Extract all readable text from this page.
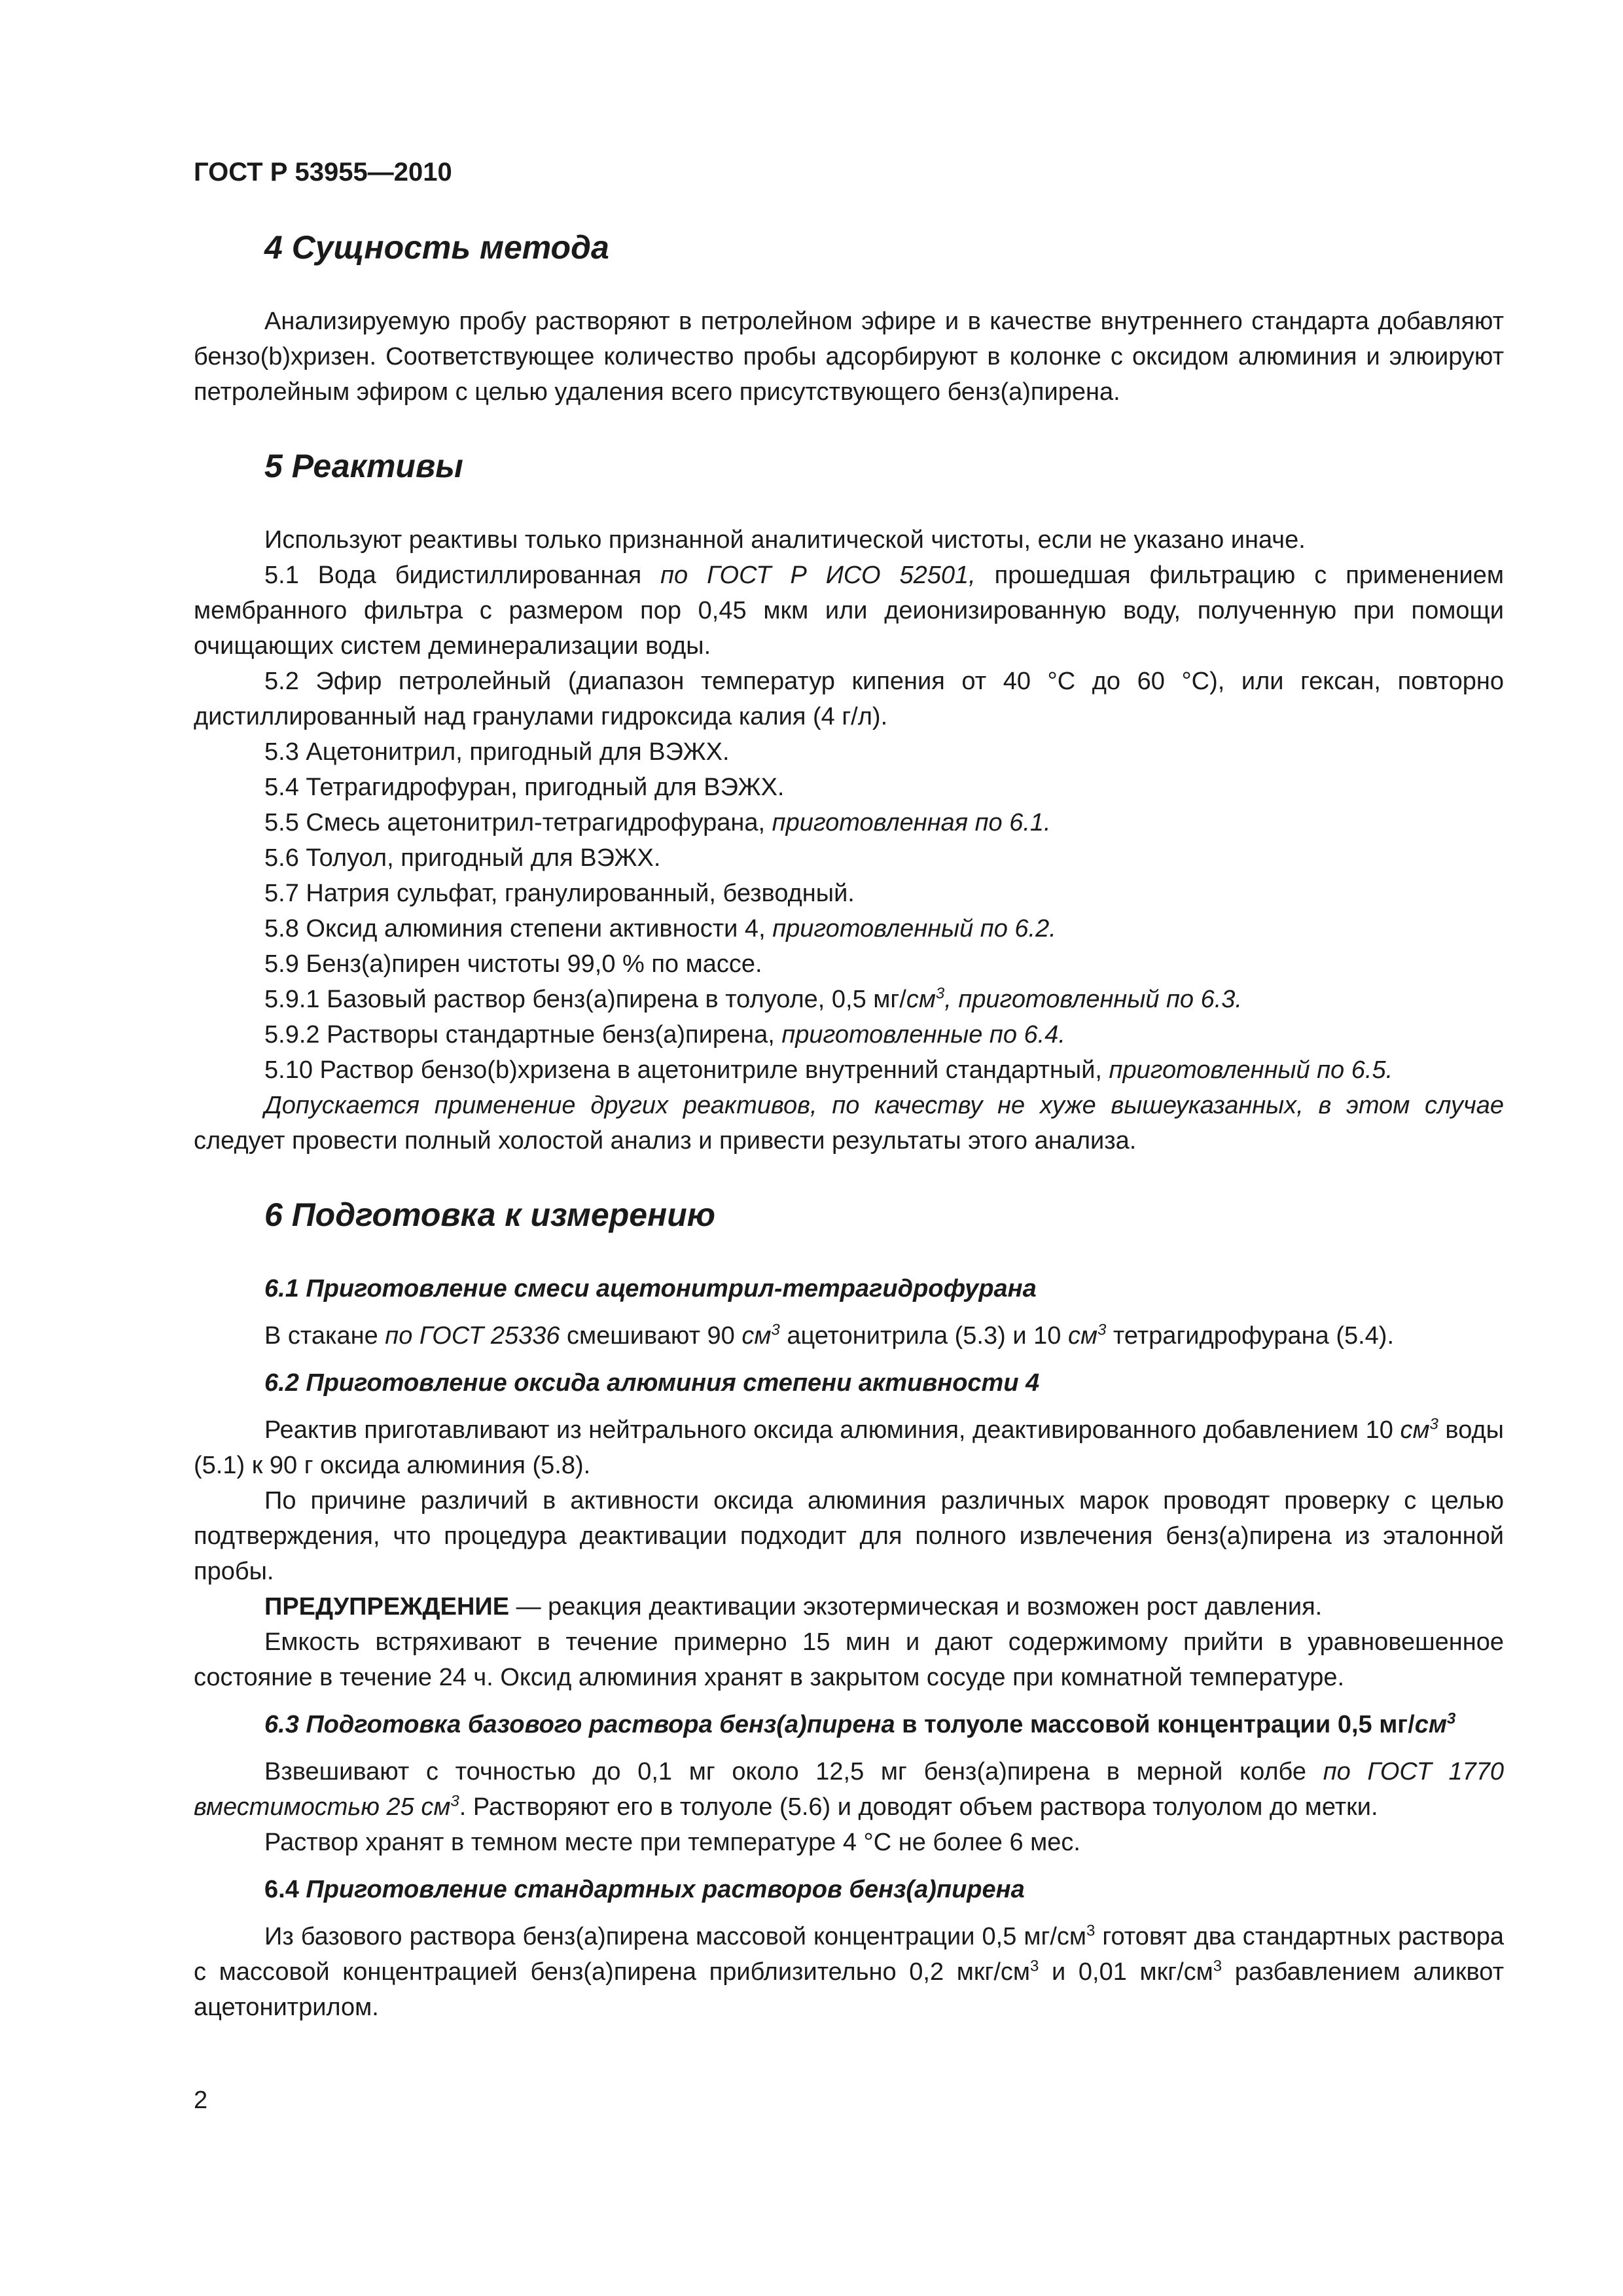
ГОСТ Р 53955—2010
4 Сущность метода

Анализируемую пробу растворяют в петролейном эфире и в качестве внутреннего стандарта добавляют бензо(b)хризен. Соответствующее количество пробы адсорбируют в колонке с оксидом алюминия и элюируют петролейным эфиром с целью удаления всего присутствующего бенз(а)пирена.

5 Реактивы

Используют реактивы только признанной аналитической чистоты, если не указано иначе.

5.1 Вода бидистиллированная по ГОСТ Р ИСО 52501, прошедшая фильтрацию с применением мембранного фильтра с размером пор 0,45 мкм или деионизированную воду, полученную при помощи очищающих систем деминерализации воды.

5.2 Эфир петролейный (диапазон температур кипения от 40 °С до 60 °С), или гексан, повторно дистиллированный над гранулами гидроксида калия (4 г/л).

5.3 Ацетонитрил, пригодный для ВЭЖХ.

5.4 Тетрагидрофуран, пригодный для ВЭЖХ.

5.5 Смесь ацетонитрил-тетрагидрофурана, приготовленная по 6.1.

5.6 Толуол, пригодный для ВЭЖХ.

5.7 Натрия сульфат, гранулированный, безводный.

5.8 Оксид алюминия степени активности 4, приготовленный по 6.2.

5.9 Бенз(а)пирен чистоты 99,0 % по массе.

5.9.1 Базовый раствор бенз(а)пирена в толуоле, 0,5 $мг/см^3$, приготовленный по 6.3.

5.9.2 Растворы стандартные бенз(а)пирена, приготовленные по 6.4.

5.10 Раствор бензо(b)хризена в ацетонитриле внутренний стандартный, приготовленный по 6.5.

Допускается применение других реактивов, по качеству не хуже вышеуказанных, в этом случае следует провести полный холостой анализ и привести результаты этого анализа.

6 Подготовка к измерению
6.1 Приготовление смеси ацетонитрил-тетрагидрофурана

В стакане по ГОСТ 25336 смешивают 90 $см^3$ ацетонитрила (5.3) и 10 $см^3$ тетрагидрофурана (5.4).

6.2 Приготовление оксида алюминия степени активности 4

Реактив приготавливают из нейтрального оксида алюминия, деактивированного добавлением 10 $см^3$ воды (5.1) к 90 г оксида алюминия (5.8).

По причине различий в активности оксида алюминия различных марок проводят проверку с целью подтверждения, что процедура деактивации подходит для полного извлечения бенз(а)пирена из эталонной пробы.

ПРЕДУПРЕЖДЕНИЕ — реакция деактивации экзотермическая и возможен рост давления.

Емкость встряхивают в течение примерно 15 мин и дают содержимому прийти в уравновешенное состояние в течение 24 ч. Оксид алюминия хранят в закрытом сосуде при комнатной температуре.

6.3 Подготовка базового раствора бенз(а)пирена в толуоле массовой концентрации 0,5 $мг/см^3$

Взвешивают с точностью до 0,1 мг около 12,5 мг бенз(а)пирена в мерной колбе по ГОСТ 1770 вместимостью 25 $см^3$. Растворяют его в толуоле (5.6) и доводят объем раствора толуолом до метки.

Раствор хранят в темном месте при температуре 4 °С не более 6 мес.

6.4 Приготовление стандартных растворов бенз(а)пирена

Из базового раствора бенз(а)пирена массовой концентрации 0,5 $мг/см^3$ готовят два стандартных раствора с массовой концентрацией бенз(а)пирена приблизительно 0,2 мкг/$см^3$ и 0,01 мкг/$см^3$ разбавлением аликвот ацетонитрилом.

2
